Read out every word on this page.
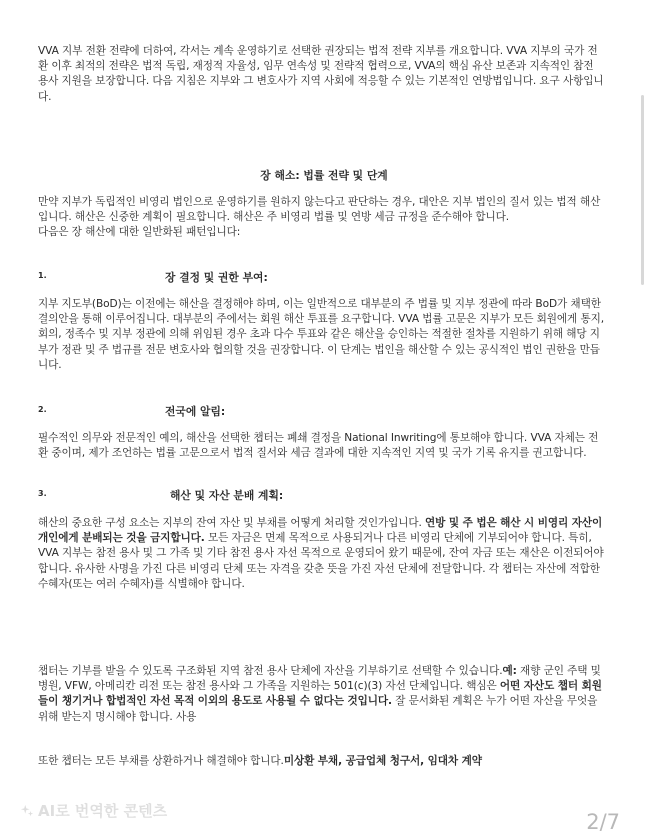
VVA 지부 전환 전략에 더하여, 각서는 계속 운영하기로 선택한 권장되는 법적 전략 지부를 개요합니다. VVA 지부의 국가 전환 이후 최적의 전략은 법적 독립, 재정적 자율성, 임무 연속성 및 전략적 협력으로, VVA의 핵심 유산 보존과 지속적인 참전 용사 지원을 보장합니다. 다음 지침은 지부와 그 변호사가 지역 사회에 적응할 수 있는 기본적인 연방법입니다. 요구 사항입니다.

장 해소: 법률 전략 및 단계

만약 지부가 독립적인 비영리 법인으로 운영하기를 원하지 않는다고 판단하는 경우, 대안은 지부 법인의 질서 있는 법적 해산입니다. 해산은 신중한 계획이 필요합니다. 해산은 주 비영리 법률 및 연방 세금 규정을 준수해야 합니다.
다음은 장 해산에 대한 일반화된 패턴입니다:

1.	장 결정 및 권한 부여:

지부 지도부(BoD)는 이전에는 해산을 결정해야 하며, 이는 일반적으로 대부분의 주 법률 및 지부 정관에 따라 BoD가 채택한 결의안을 통해 이루어집니다. 대부분의 주에서는 회원 해산 투표를 요구합니다. VVA 법률 고문은 지부가 모든 회원에게 통지, 회의, 정족수 및 지부 정관에 의해 위임된 경우 초과 다수 투표와 같은 해산을 승인하는 적절한 절차를 지원하기 위해 해당 지부가 정관 및 주 법규를 전문 변호사와 협의할 것을 권장합니다. 이 단계는 법인을 해산할 수 있는 공식적인 법인 권한을 만듭니다.

2.	전국에 알림:

필수적인 의무와 전문적인 예의, 해산을 선택한 챕터는 폐쇄 결정을 National Inwriting에 통보해야 합니다. VVA 자체는 전환 중이며, 제가 조언하는 법률 고문으로서 법적 질서와 세금 결과에 대한 지속적인 지역 및 국가 기록 유지를 권고합니다.

3.	해산 및 자산 분배 계획:

해산의 중요한 구성 요소는 지부의 잔여 자산 및 부채를 어떻게 처리할 것인가입니다. 연방 및 주 법은 해산 시 비영리 자산이 개인에게 분배되는 것을 금지합니다. 모든 자금은 면제 목적으로 사용되거나 다른 비영리 단체에 기부되어야 합니다. 특히, VVA 지부는 참전 용사 및 그 가족 및 기타 참전 용사 자선 목적으로 운영되어 왔기 때문에, 잔여 자금 또는 재산은 이전되어야 합니다. 유사한 사명을 가진 다른 비영리 단체 또는 자격을 갖춘 뜻을 가진 자선 단체에 전달합니다. 각 챕터는 자산에 적합한 수혜자(또는 여러 수혜자)를 식별해야 합니다.

챕터는 기부를 받을 수 있도록 구조화된 지역 참전 용사 단체에 자산을 기부하기로 선택할 수 있습니다.예: 재향 군인 주택 및 병원, VFW, 아메리칸 리전 또는 참전 용사와 그 가족을 지원하는 501(c)(3) 자선 단체입니다. 핵심은 어떤 자산도 챕터 회원들이 챙기거나 합법적인 자선 목적 이외의 용도로 사용될 수 없다는 것입니다. 잘 문서화된 계획은 누가 어떤 자산을 무엇을 위해 받는지 명시해야 합니다. 사용

또한 챕터는 모든 부채를 상환하거나 해결해야 합니다.미상환 부채, 공급업체 청구서, 임대차 계약

AI로 번역한 콘텐츠	2/7
